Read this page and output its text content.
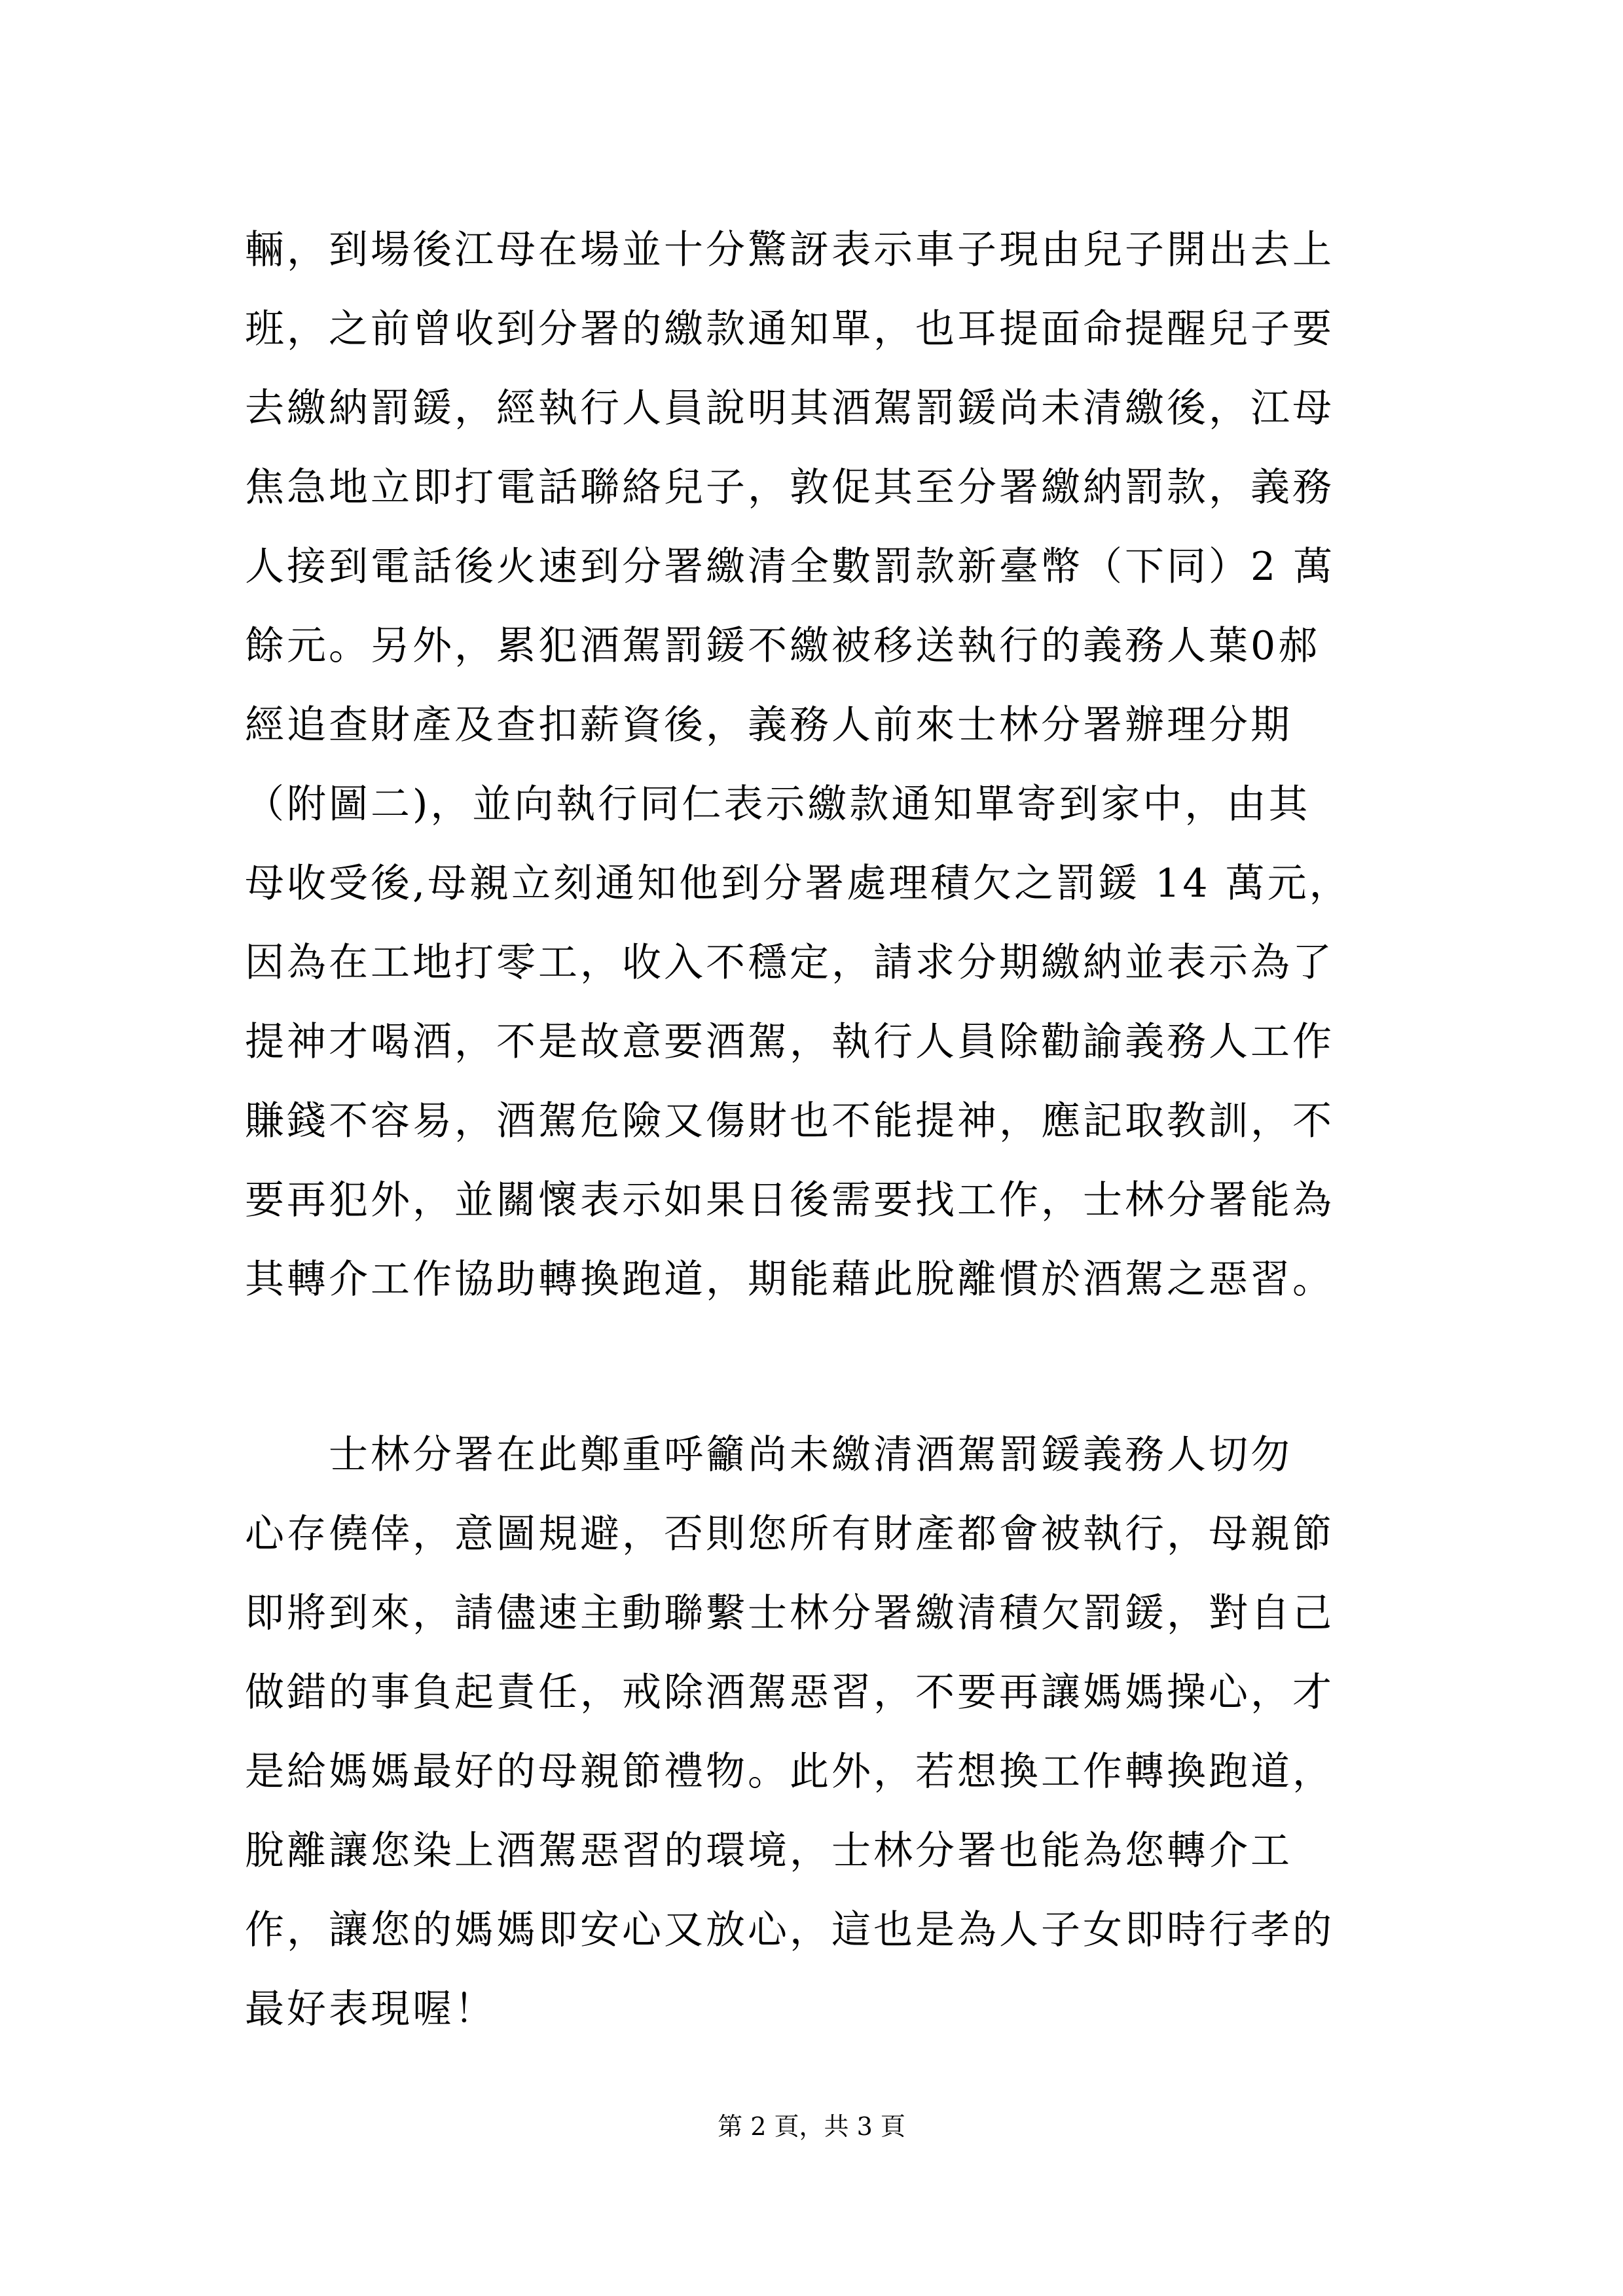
輛，到場後江母在場並十分驚訝表示車子現由兒子開出去上
班，之前曾收到分署的繳款通知單，也耳提面命提醒兒子要
去繳納罰鍰，經執行人員說明其酒駕罰鍰尚未清繳後，江母
焦急地立即打電話聯絡兒子，敦促其至分署繳納罰款，義務
人接到電話後火速到分署繳清全數罰款新臺幣（下同）2 萬
餘元。另外，累犯酒駕罰鍰不繳被移送執行的義務人葉0郝
經追查財產及查扣薪資後，義務人前來士林分署辦理分期
（附圖二)，並向執行同仁表示繳款通知單寄到家中，由其
母收受後,母親立刻通知他到分署處理積欠之罰鍰 14 萬元，
因為在工地打零工，收入不穩定，請求分期繳納並表示為了
提神才喝酒，不是故意要酒駕，執行人員除勸諭義務人工作
賺錢不容易，酒駕危險又傷財也不能提神，應記取教訓，不
要再犯外，並關懷表示如果日後需要找工作，士林分署能為
其轉介工作協助轉換跑道，期能藉此脫離慣於酒駕之惡習。
士林分署在此鄭重呼籲尚未繳清酒駕罰鍰義務人切勿
心存僥倖，意圖規避，否則您所有財產都會被執行，母親節
即將到來，請儘速主動聯繫士林分署繳清積欠罰鍰，對自己
做錯的事負起責任，戒除酒駕惡習，不要再讓媽媽操心，才
是給媽媽最好的母親節禮物。此外，若想換工作轉換跑道，
脫離讓您染上酒駕惡習的環境，士林分署也能為您轉介工
作，讓您的媽媽即安心又放心，這也是為人子女即時行孝的
最好表現喔！
第 2 頁，共 3 頁
